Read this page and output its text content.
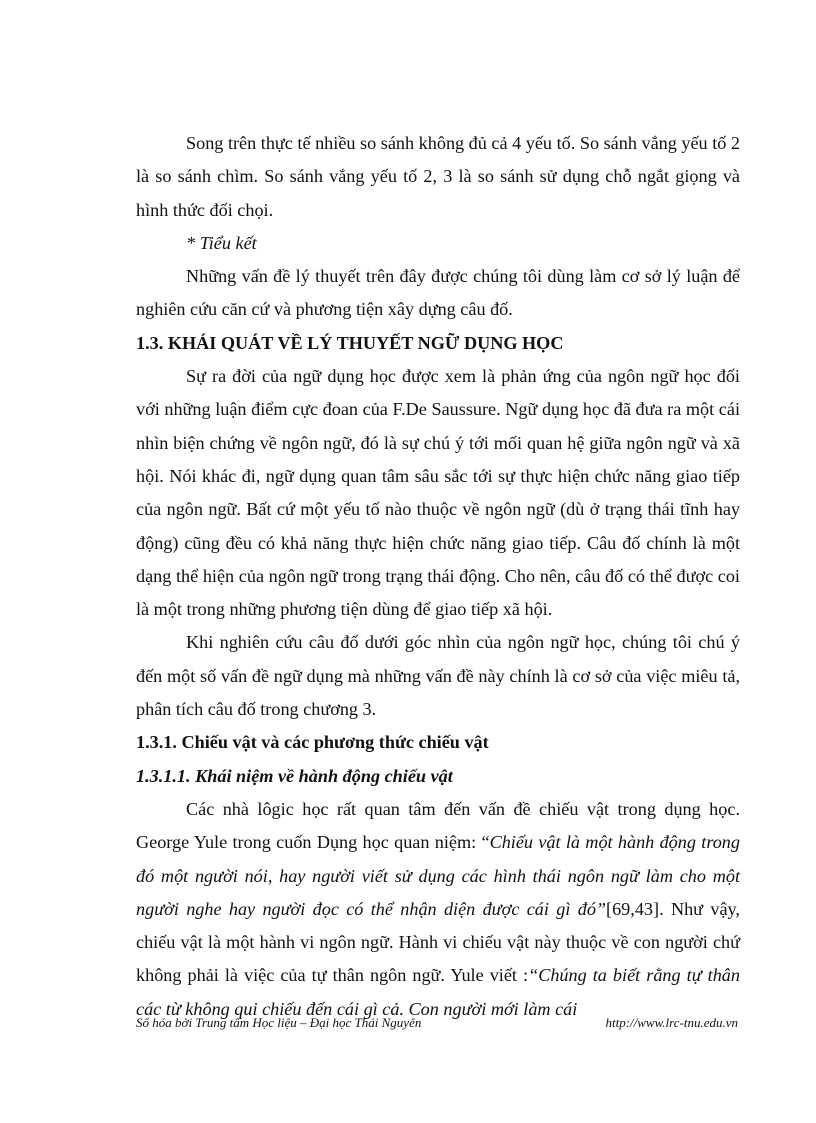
Song trên thực tế nhiều so sánh không đủ cả 4 yếu tố. So sánh vắng yếu tố 2 là so sánh chìm. So sánh vắng yếu tố 2, 3 là so sánh sử dụng chỗ ngắt giọng và hình thức đối chọi.

* Tiểu kết

Những vấn đề lý thuyết trên đây được chúng tôi dùng làm cơ sở lý luận để nghiên cứu căn cứ và phương tiện xây dựng câu đố.

1.3. KHÁI QUÁT VỀ LÝ THUYẾT NGỮ DỤNG HỌC

Sự ra đời của ngữ dụng học được xem là phản ứng của ngôn ngữ học đối với những luận điểm cực đoan của F.De Saussure. Ngữ dụng học đã đưa ra một cái nhìn biện chứng về ngôn ngữ, đó là sự chú ý tới mối quan hệ giữa ngôn ngữ và xã hội. Nói khác đi, ngữ dụng quan tâm sâu sắc tới sự thực hiện chức năng giao tiếp của ngôn ngữ. Bất cứ một yếu tố nào thuộc về ngôn ngữ (dù ở trạng thái tĩnh hay động) cũng đều có khả năng thực hiện chức năng giao tiếp. Câu đố chính là một dạng thể hiện của ngôn ngữ trong trạng thái động. Cho nên, câu đố có thể được coi là một trong những phương tiện dùng để giao tiếp xã hội.

Khi nghiên cứu câu đố dưới góc nhìn của ngôn ngữ học, chúng tôi chú ý đến một số vấn đề ngữ dụng mà những vấn đề này chính là cơ sở của việc miêu tả, phân tích câu đố trong chương 3.

1.3.1. Chiếu vật và các phương thức chiếu vật

1.3.1.1. Khái niệm về hành động chiếu vật

Các nhà lôgic học rất quan tâm đến vấn đề chiếu vật trong dụng học. George Yule trong cuốn Dụng học quan niệm: “Chiếu vật là một hành động trong đó một người nói, hay người viết sử dụng các hình thái ngôn ngữ làm cho một người nghe hay người đọc có thể nhận diện được cái gì đó”[69,43]. Như vậy, chiếu vật là một hành vi ngôn ngữ. Hành vi chiếu vật này thuộc về con người chứ không phải là việc của tự thân ngôn ngữ. Yule viết :“Chúng ta biết rằng tự thân các từ không qui chiếu đến cái gì cả. Con người mới làm cái

Số hóa bởi Trung tâm Học liệu – Đại học Thái Nguyên	http://www.lrc-tnu.edu.vn
